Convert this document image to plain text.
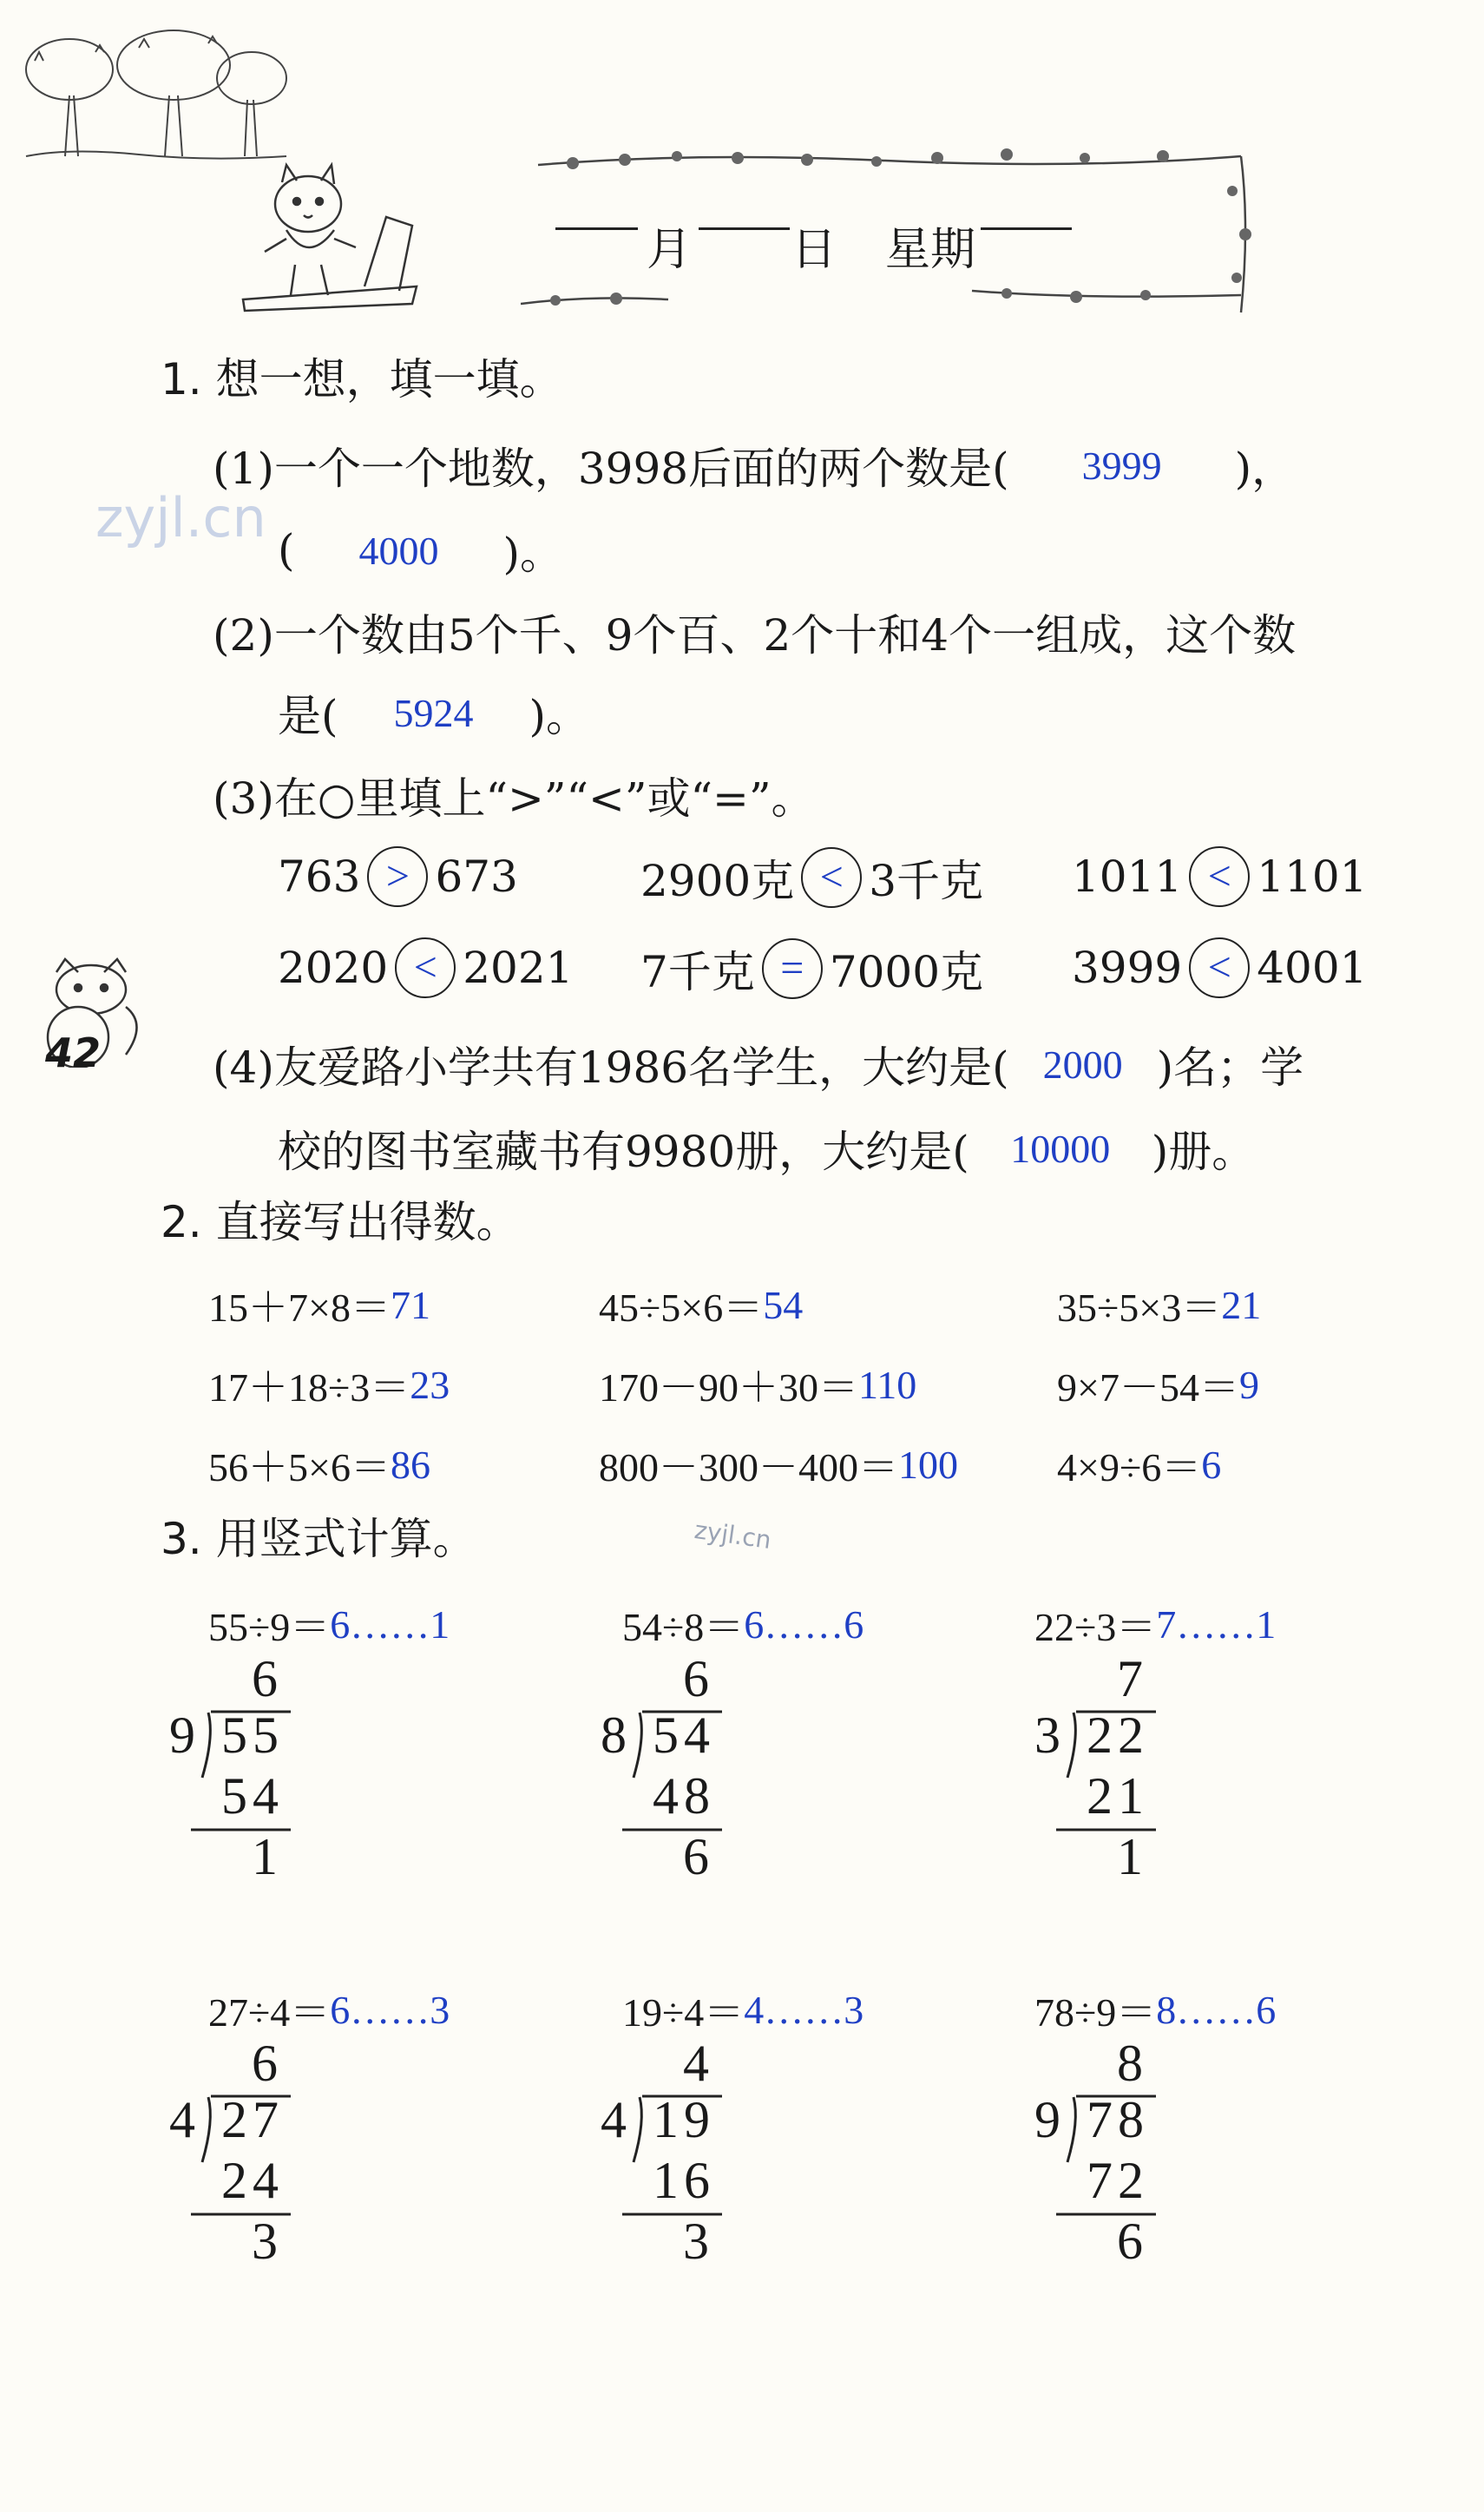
月 日 星期
42
zyjl.cn
zyjl.cn
1. 想一想，填一填。
(1)一个一个地数，3998后面的两个数是(	3999	)，
(	4000	)。
(2)一个数由5个千、9个百、2个十和4个一组成，这个数
是(	5924	)。
(3)在○里填上“>”“<”或“=”。
763 > 673	2900克 < 3千克 1011 < 1101
2020 < 2021 7千克 = 7000克 3999 < 4001
(4)友爱路小学共有1986名学生，大约是( 2000 )名；学
校的图书室藏书有9980册，大约是(	10000 )册。
2. 直接写出得数。
15＋7×8＝ 71	45÷5×6＝ 54	35÷5×3＝ 21
17＋18÷3＝ 23	170－90＋30＝ 110	9×7－54＝ 9
56＋5×6＝ 86	800－300－400＝ 100 4×9÷6＝ 6
3. 用竖式计算。
55÷9＝ 6……1	54÷8＝ 6……6	22÷3＝ 7……1
6
9 55
54
1
6
8 54
48
6
7
3 22
21
1
27÷4＝ 6……3	19÷4＝ 4……3	78÷9＝ 8……6
6
4 27
24
3
4
4 19
16
3
8
9 78
72
6
